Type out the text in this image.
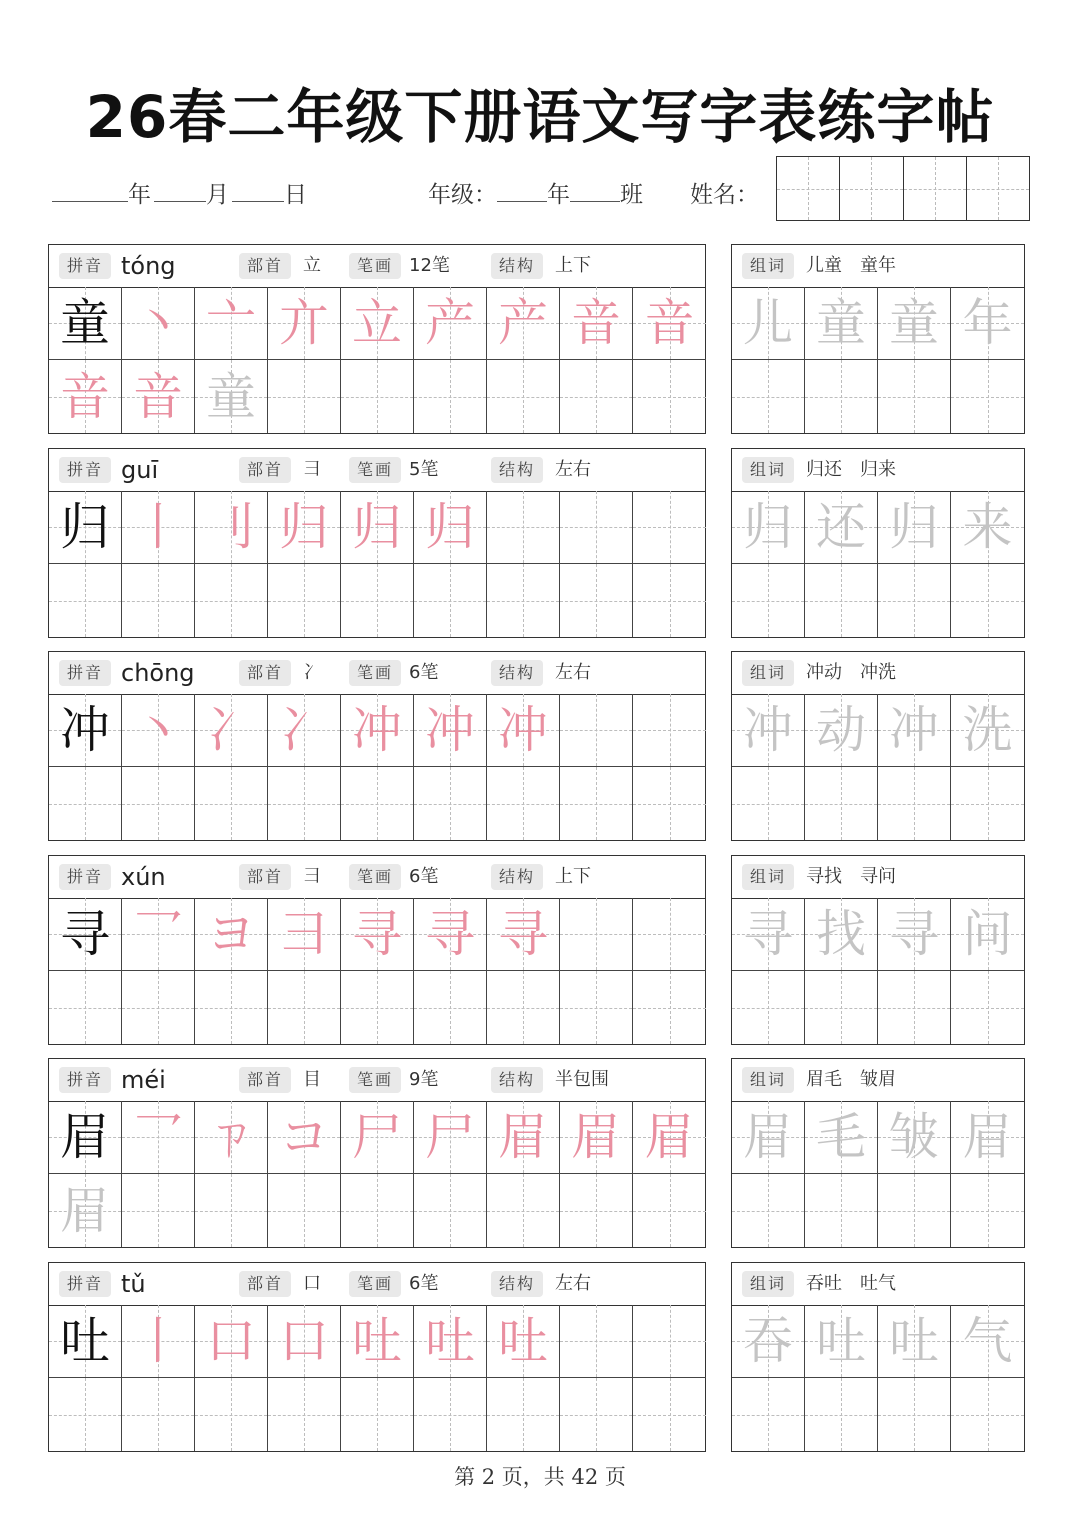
26春二年级下册语文写字表练字帖
年	月	日	年级： 年 班 姓名：
拼音 tóng	部首	立	笔画 12笔	结构	上下
童 丶 亠 亣 立 产 产 音 音
音 音 童
组词	儿童　童年
儿 童 童 年
拼音 guī	部首	彐	笔画 5笔	结构	左右
归 丨 刂 归 归 归
组词	归还　归来
归 还 归 来
拼音 chōng	部首	冫	笔画 6笔	结构	左右
冲 丶 冫 冫 冲 冲 冲
组词	冲动　冲洗
冲 动 冲 洗
拼音 xún	部首	彐	笔画 6笔	结构	上下
寻 乛 ヨ 彐 寻 寻 寻
组词	寻找　寻问
寻 找 寻 问
拼音 méi	部首	目	笔画 9笔	结构	半包围
眉 乛 ㄗ コ 尸 尸 眉 眉 眉
眉
组词	眉毛　皱眉
眉 毛 皱 眉
拼音 tǔ	部首	口	笔画 6笔	结构	左右
吐 丨 口 口 吐 吐 吐
组词	吞吐　吐气
吞 吐 吐 气
第 2 页，共 42 页
